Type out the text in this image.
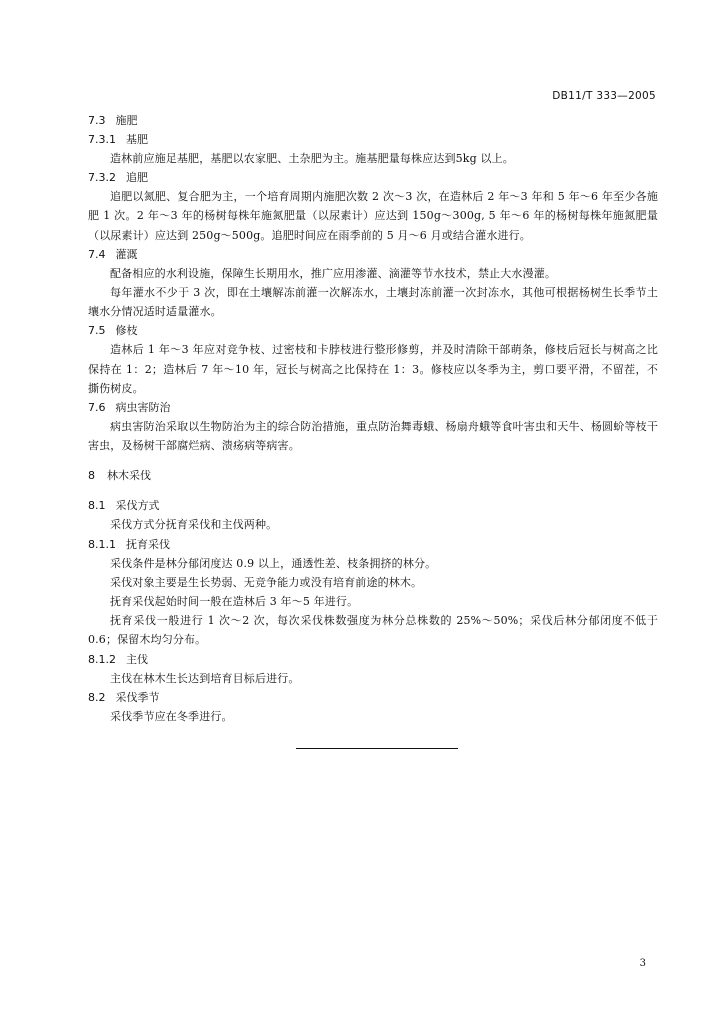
DB11/T 333—2005
7.3 施肥
7.3.1 基肥

造林前应施足基肥，基肥以农家肥、土杂肥为主。施基肥量每株应达到5kg 以上。

7.3.2 追肥

追肥以氮肥、复合肥为主，一个培育周期内施肥次数 2 次～3 次，在造林后 2 年～3 年和 5 年～6 年至少各施肥 1 次。2 年～3 年的杨树每株年施氮肥量（以尿素计）应达到 150g～300g, 5 年～6 年的杨树每株年施氮肥量（以尿素计）应达到 250g～500g。追肥时间应在雨季前的 5 月～6 月或结合灌水进行。

7.4 灌溉

配备相应的水利设施，保障生长期用水，推广应用渗灌、滴灌等节水技术，禁止大水漫灌。

每年灌水不少于 3 次，即在土壤解冻前灌一次解冻水，土壤封冻前灌一次封冻水，其他可根据杨树生长季节土壤水分情况适时适量灌水。

7.5 修枝

造林后 1 年～3 年应对竞争枝、过密枝和卡脖枝进行整形修剪，并及时清除干部萌条，修枝后冠长与树高之比保持在 1：2；造林后 7 年～10 年，冠长与树高之比保持在 1：3。修枝应以冬季为主，剪口要平滑，不留茬，不撕伤树皮。

7.6 病虫害防治

病虫害防治采取以生物防治为主的综合防治措施，重点防治舞毒蛾、杨扇舟蛾等食叶害虫和天牛、杨圆蚧等枝干害虫，及杨树干部腐烂病、溃疡病等病害。

8 林木采伐
8.1 采伐方式

采伐方式分抚育采伐和主伐两种。

8.1.1 抚育采伐

采伐条件是林分郁闭度达 0.9 以上，通透性差、枝条拥挤的林分。

采伐对象主要是生长势弱、无竞争能力或没有培育前途的林木。

抚育采伐起始时间一般在造林后 3 年～5 年进行。

抚育采伐一般进行 1 次～2 次，每次采伐株数强度为林分总株数的 25%～50%；采伐后林分郁闭度不低于 0.6；保留木均匀分布。

8.1.2 主伐

主伐在林木生长达到培育目标后进行。

8.2 采伐季节

采伐季节应在冬季进行。

3
